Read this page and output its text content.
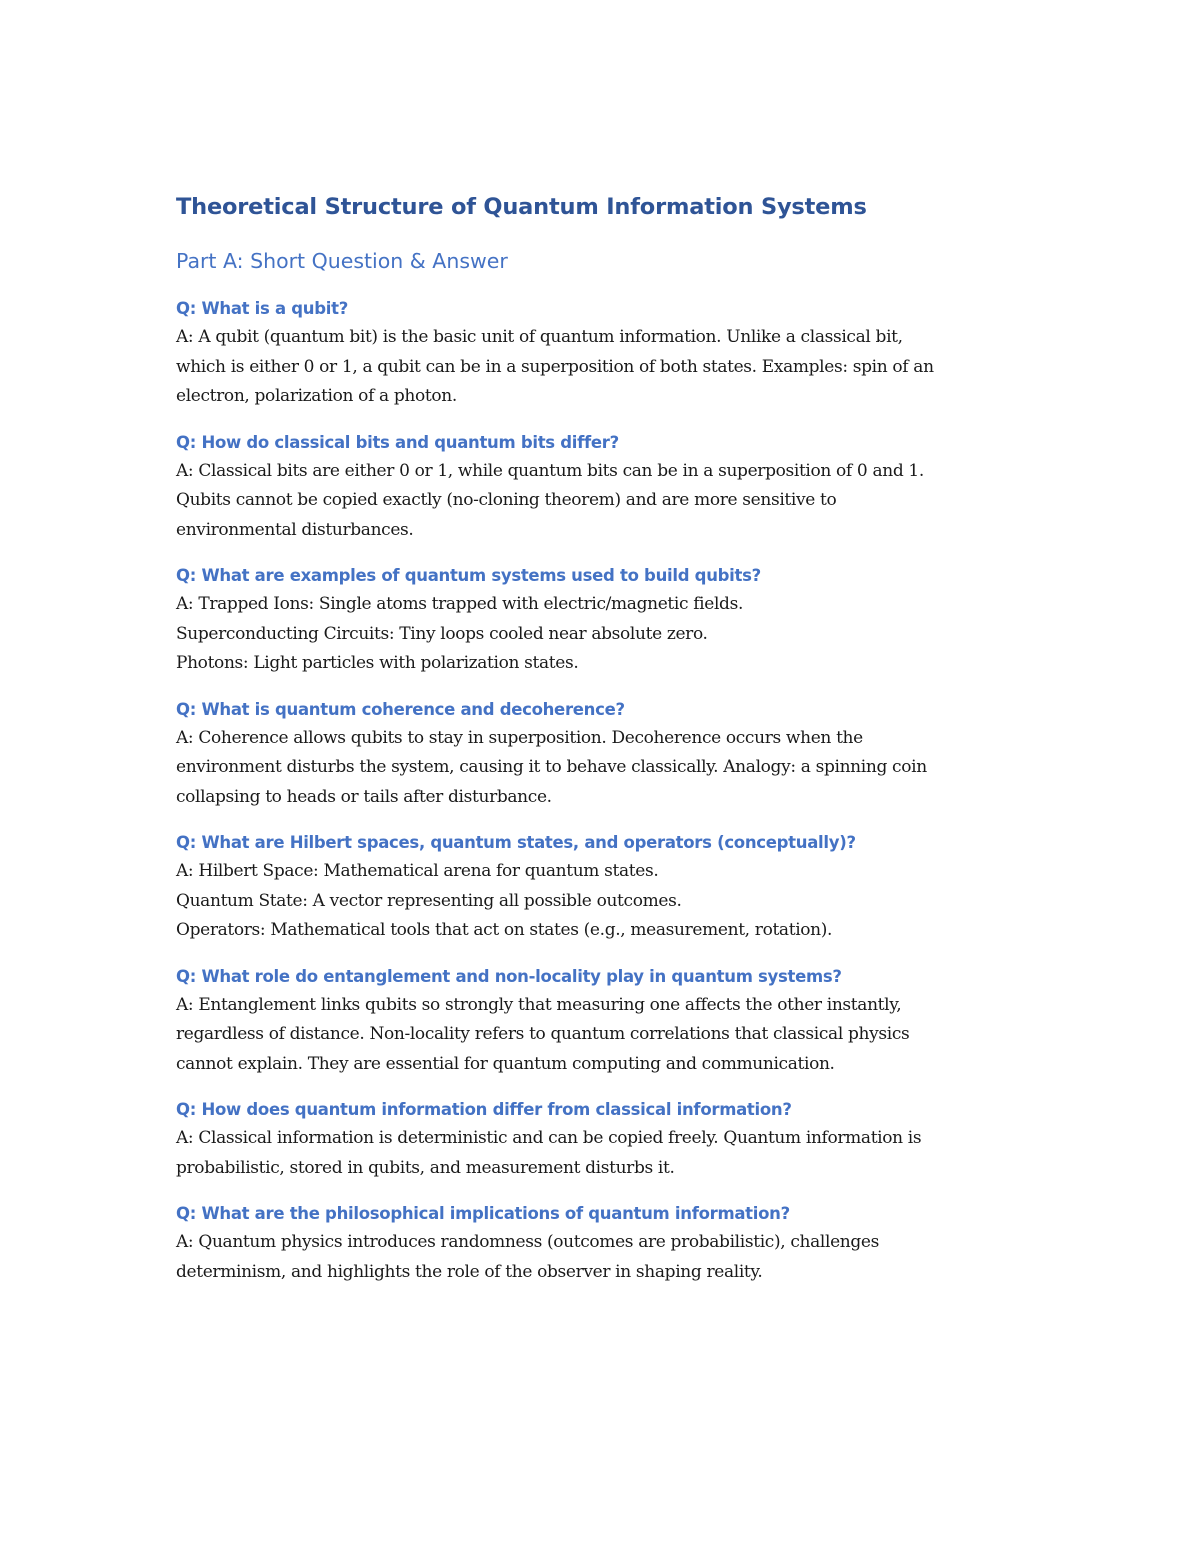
Theoretical Structure of Quantum Information Systems
Part A: Short Question & Answer

Q: What is a qubit?

A: A qubit (quantum bit) is the basic unit of quantum information. Unlike a classical bit,

which is either 0 or 1, a qubit can be in a superposition of both states. Examples: spin of an

electron, polarization of a photon.

Q: How do classical bits and quantum bits differ?

A: Classical bits are either 0 or 1, while quantum bits can be in a superposition of 0 and 1.

Qubits cannot be copied exactly (no-cloning theorem) and are more sensitive to

environmental disturbances.

Q: What are examples of quantum systems used to build qubits?

A: Trapped Ions: Single atoms trapped with electric/magnetic fields.

Superconducting Circuits: Tiny loops cooled near absolute zero.

Photons: Light particles with polarization states.

Q: What is quantum coherence and decoherence?

A: Coherence allows qubits to stay in superposition. Decoherence occurs when the

environment disturbs the system, causing it to behave classically. Analogy: a spinning coin

collapsing to heads or tails after disturbance.

Q: What are Hilbert spaces, quantum states, and operators (conceptually)?

A: Hilbert Space: Mathematical arena for quantum states.

Quantum State: A vector representing all possible outcomes.

Operators: Mathematical tools that act on states (e.g., measurement, rotation).

Q: What role do entanglement and non-locality play in quantum systems?

A: Entanglement links qubits so strongly that measuring one affects the other instantly,

regardless of distance. Non-locality refers to quantum correlations that classical physics

cannot explain. They are essential for quantum computing and communication.

Q: How does quantum information differ from classical information?

A: Classical information is deterministic and can be copied freely. Quantum information is

probabilistic, stored in qubits, and measurement disturbs it.

Q: What are the philosophical implications of quantum information?

A: Quantum physics introduces randomness (outcomes are probabilistic), challenges

determinism, and highlights the role of the observer in shaping reality.
